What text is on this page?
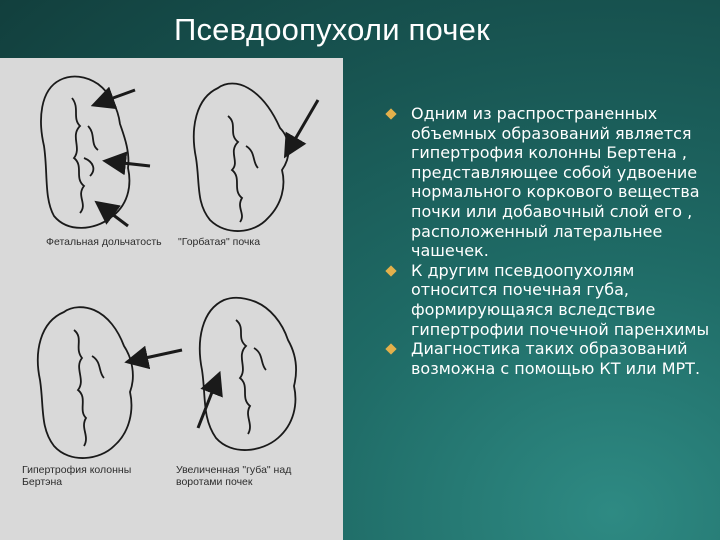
Псевдоопухоли почек
Фетальная дольчатость	"Горбатая" почка
Гипертрофия колонны Бертэна
Увеличенная "губа" над воротами почек
Одним из распространенных объемных образований является гипертрофия колонны Бертена , представляющее собой удвоение нормального коркового вещества почки или добавочный слой его , расположенный латеральнее чашечек.
К другим псевдоопухолям относится почечная губа, формирующаяся вследствие гипертрофии почечной паренхимы
Диагностика таких образований возможна с помощью КТ или МРТ.
